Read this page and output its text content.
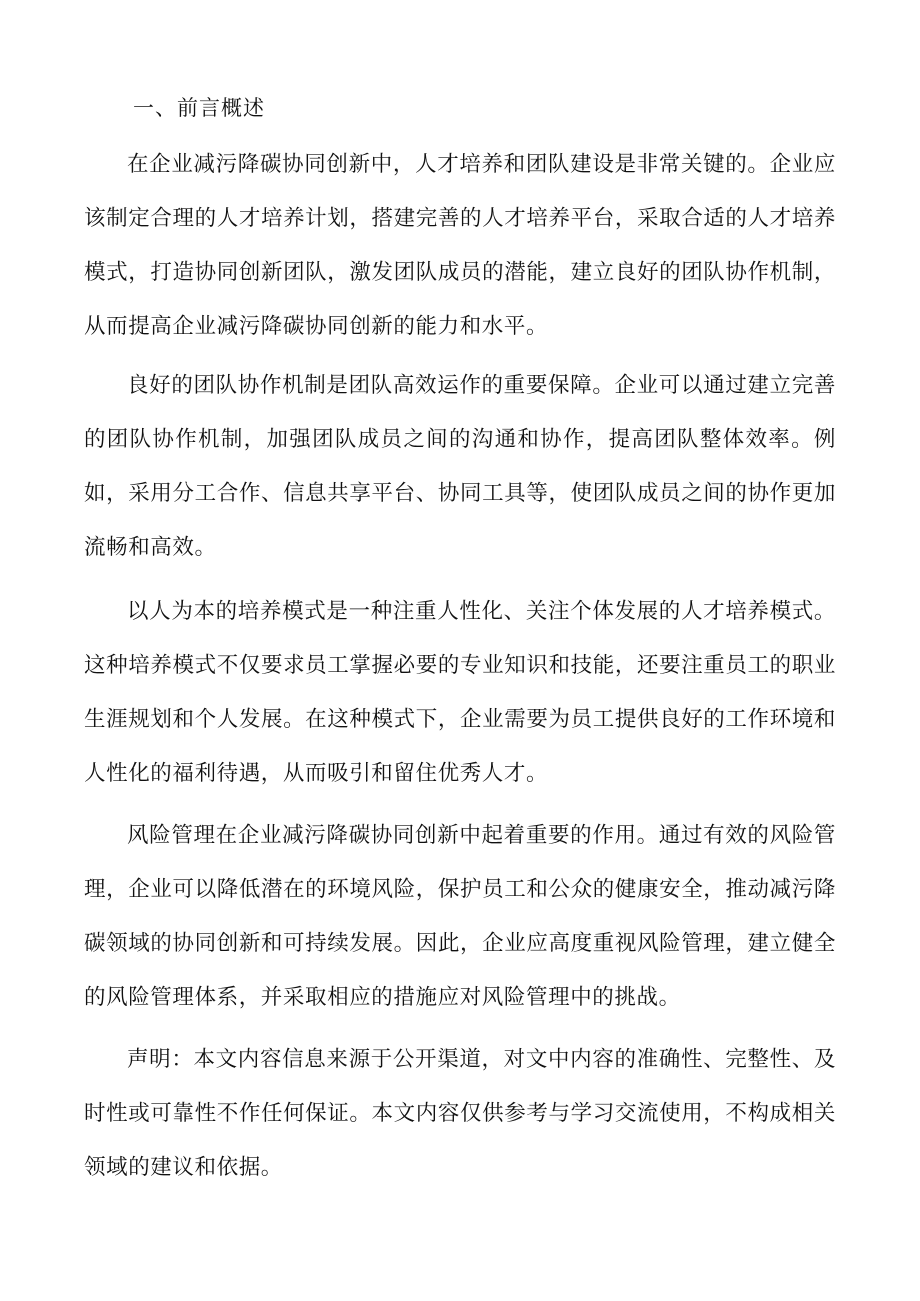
一、前言概述

在企业减污降碳协同创新中，人才培养和团队建设是非常关键的。企业应该制定合理的人才培养计划，搭建完善的人才培养平台，采取合适的人才培养模式，打造协同创新团队，激发团队成员的潜能，建立良好的团队协作机制，从而提高企业减污降碳协同创新的能力和水平。

良好的团队协作机制是团队高效运作的重要保障。企业可以通过建立完善的团队协作机制，加强团队成员之间的沟通和协作，提高团队整体效率。例如，采用分工合作、信息共享平台、协同工具等，使团队成员之间的协作更加流畅和高效。

以人为本的培养模式是一种注重人性化、关注个体发展的人才培养模式。这种培养模式不仅要求员工掌握必要的专业知识和技能，还要注重员工的职业生涯规划和个人发展。在这种模式下，企业需要为员工提供良好的工作环境和人性化的福利待遇，从而吸引和留住优秀人才。

风险管理在企业减污降碳协同创新中起着重要的作用。通过有效的风险管理，企业可以降低潜在的环境风险，保护员工和公众的健康安全，推动减污降碳领域的协同创新和可持续发展。因此，企业应高度重视风险管理，建立健全的风险管理体系，并采取相应的措施应对风险管理中的挑战。

声明：本文内容信息来源于公开渠道，对文中内容的准确性、完整性、及时性或可靠性不作任何保证。本文内容仅供参考与学习交流使用，不构成相关领域的建议和依据。
